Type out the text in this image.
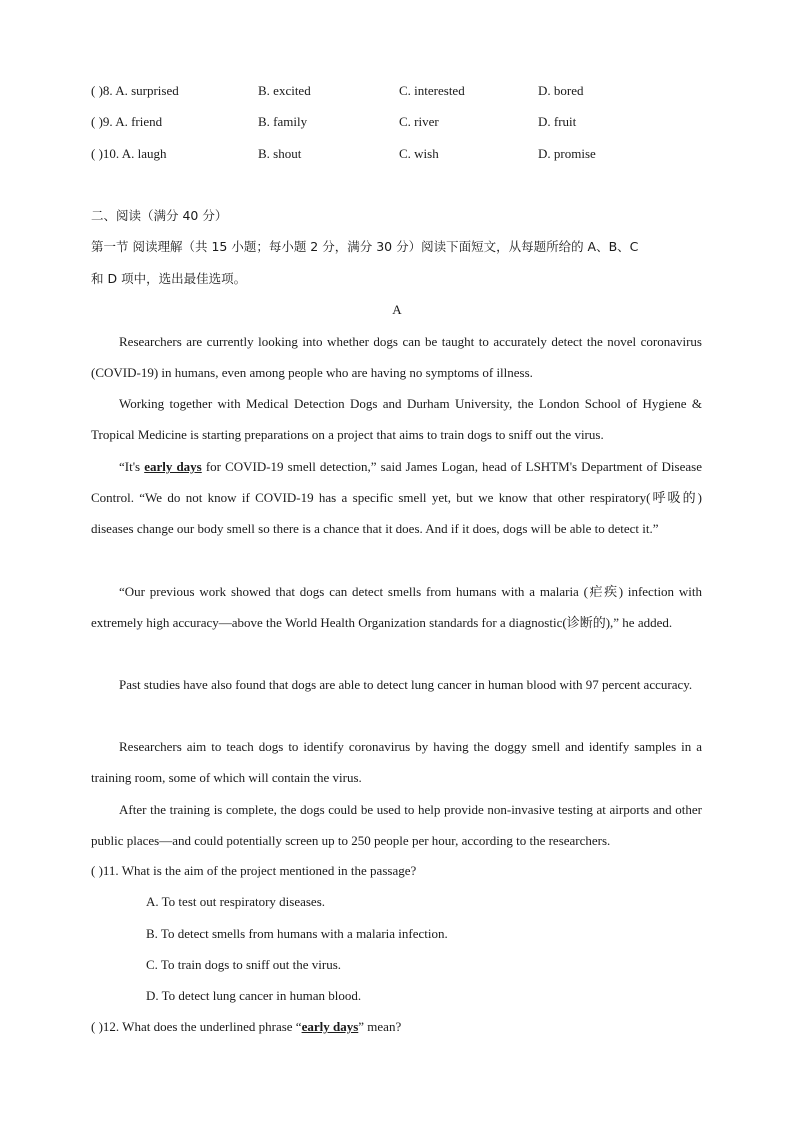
( )8. A. surprised	B. excited	C. interested	D. bored
( )9. A. friend	B. family	C. river	D. fruit
( )10. A. laugh	B. shout	C. wish	D. promise
二、阅读（满分 40 分）
第一节 阅读理解（共 15 小题；每小题 2 分，满分 30 分）阅读下面短文，从每题所给的 A、B、C
和 D 项中，选出最佳选项。
A
Researchers are currently looking into whether dogs can be taught to accurately detect the novel coronavirus (COVID-19) in humans, even among people who are having no symptoms of illness.
Working together with Medical Detection Dogs and Durham University, the London School of Hygiene & Tropical Medicine is starting preparations on a project that aims to train dogs to sniff out the virus.
“It's early days for COVID-19 smell detection,” said James Logan, head of LSHTM's Department of Disease Control. “We do not know if COVID-19 has a specific smell yet, but we know that other respiratory(呼吸的) diseases change our body smell so there is a chance that it does. And if it does, dogs will be able to detect it.”
“Our previous work showed that dogs can detect smells from humans with a malaria (疟疾) infection with extremely high accuracy—above the World Health Organization standards for a diagnostic(诊断的),” he added.
Past studies have also found that dogs are able to detect lung cancer in human blood with 97 percent accuracy.
Researchers aim to teach dogs to identify coronavirus by having the doggy smell and identify samples in a training room, some of which will contain the virus.
After the training is complete, the dogs could be used to help provide non-invasive testing at airports and other public places—and could potentially screen up to 250 people per hour, according to the researchers.
( )11. What is the aim of the project mentioned in the passage?
A. To test out respiratory diseases.
B. To detect smells from humans with a malaria infection.
C. To train dogs to sniff out the virus.
D. To detect lung cancer in human blood.
( )12. What does the underlined phrase “early days” mean?
